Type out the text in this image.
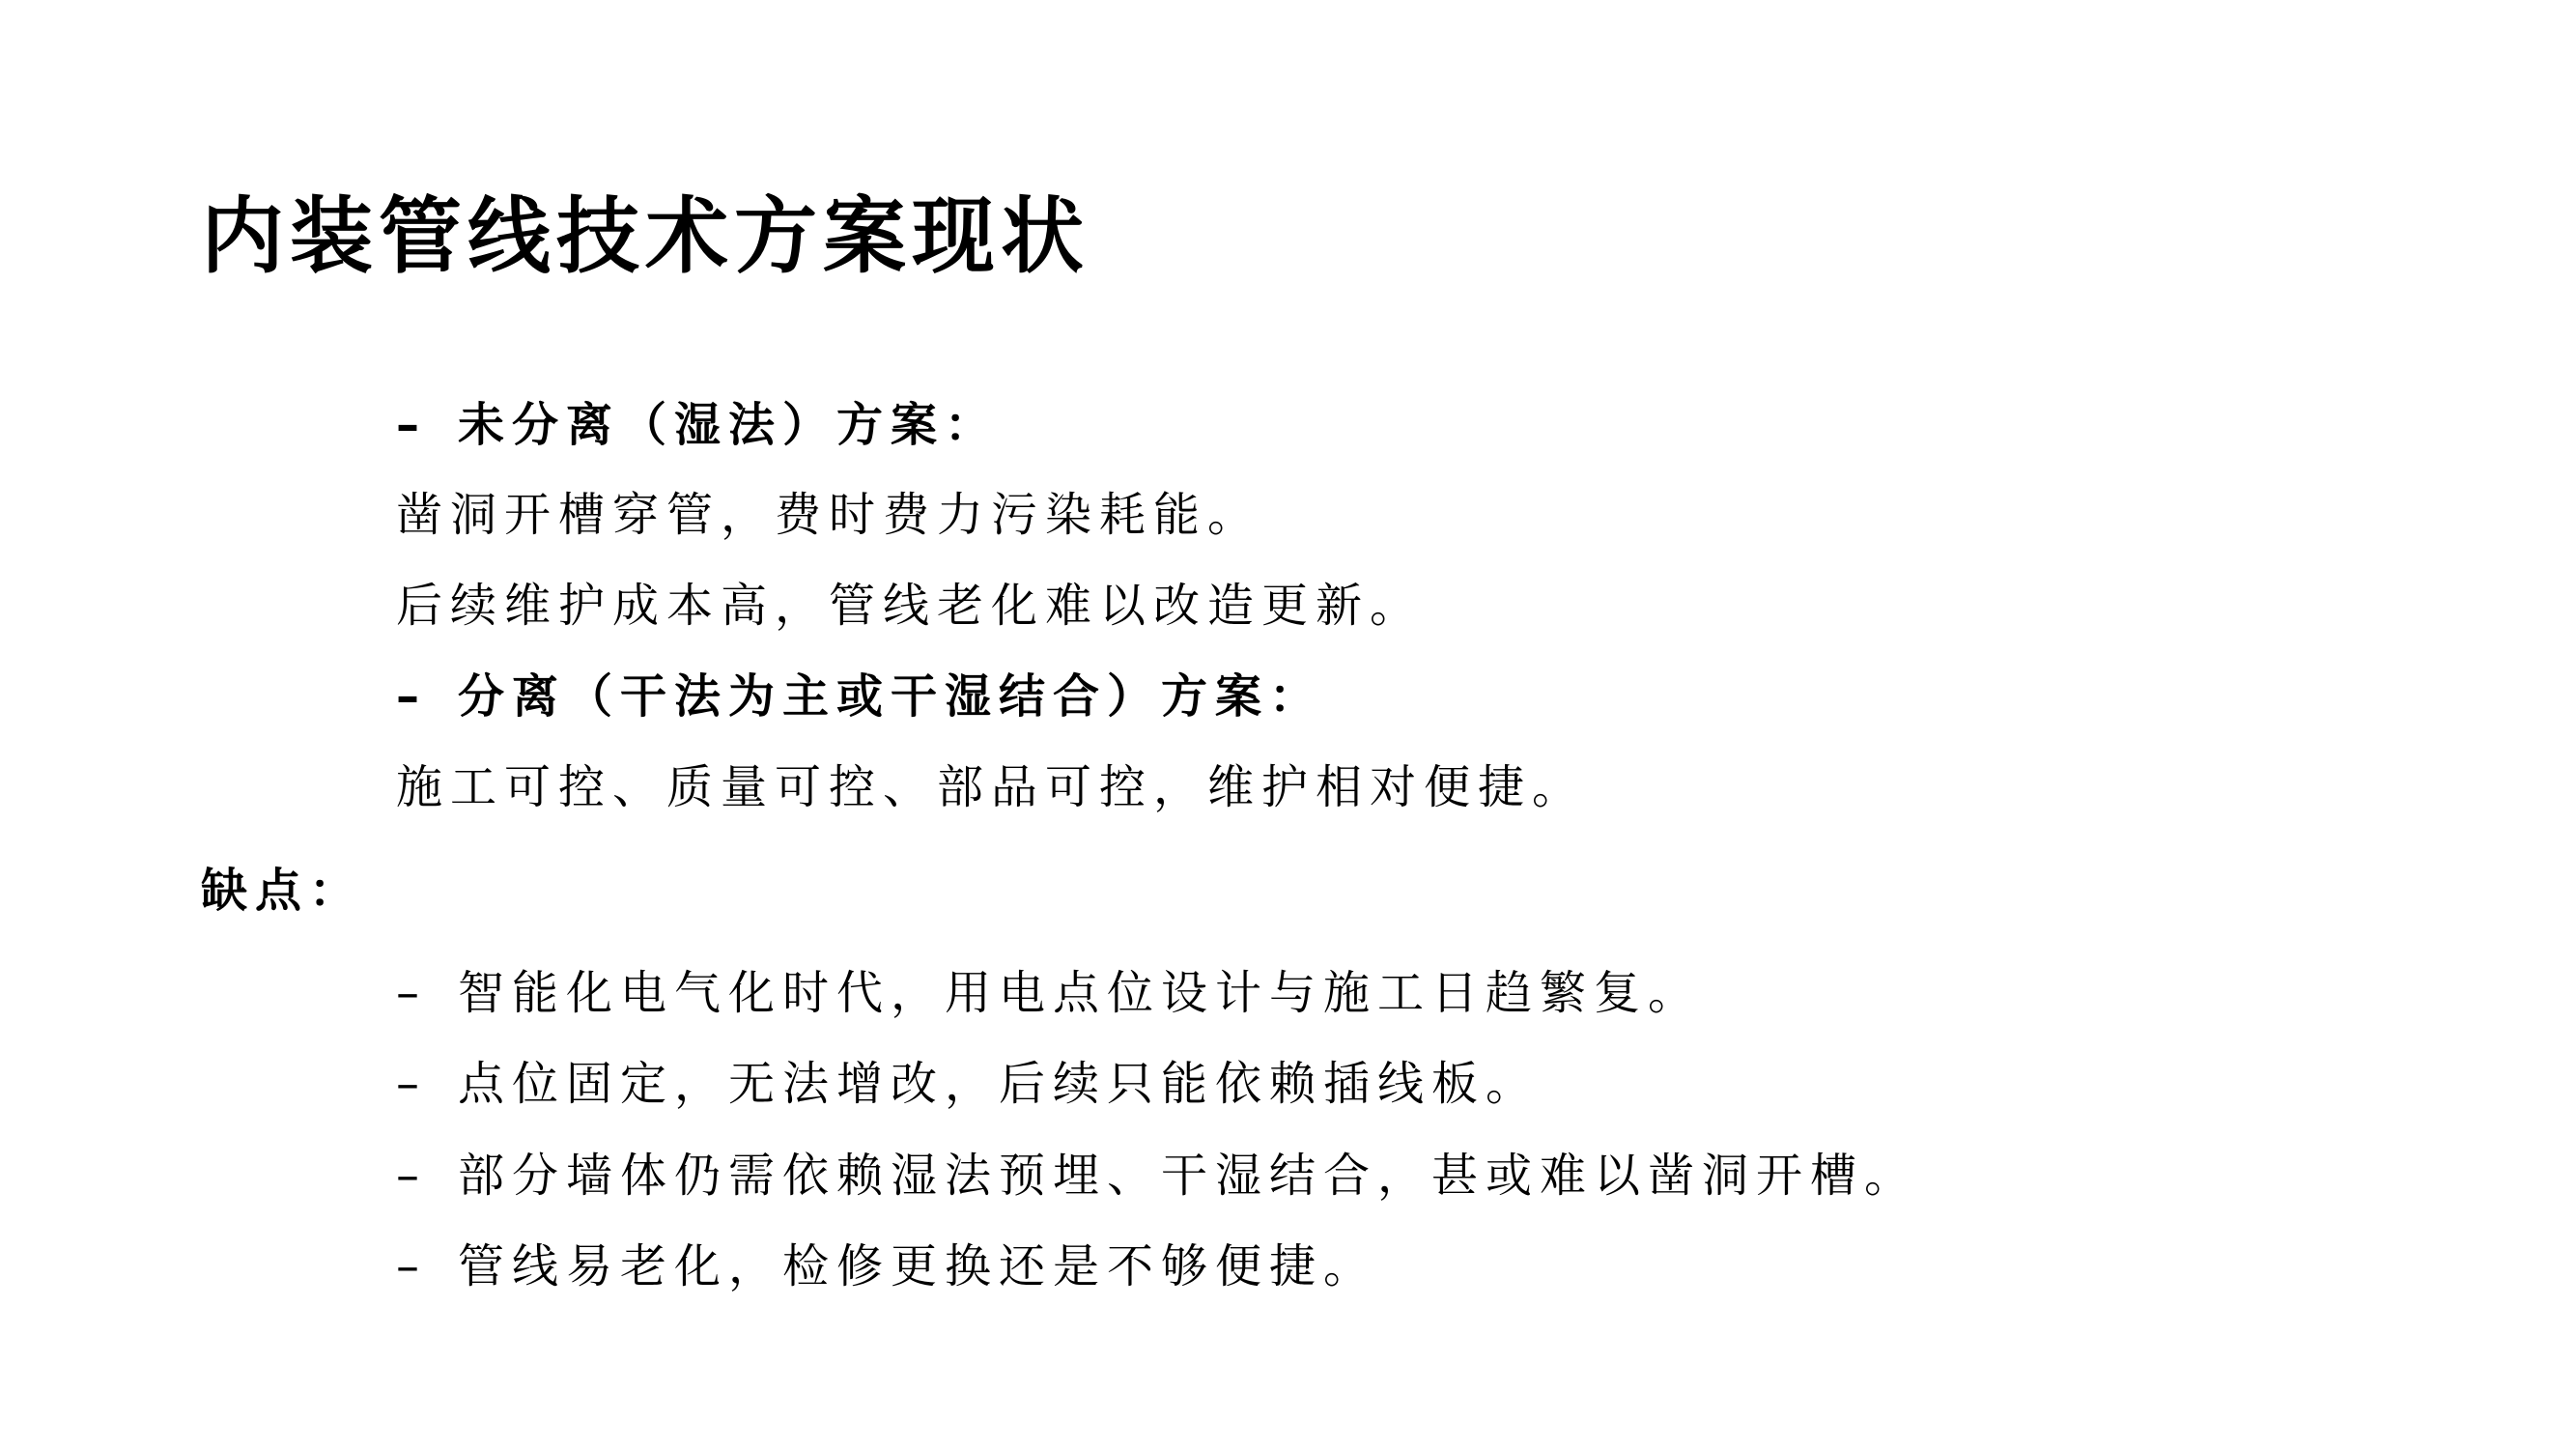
内装管线技术方案现状
– 未分离（湿法）方案：
凿洞开槽穿管，费时费力污染耗能。
后续维护成本高，管线老化难以改造更新。
– 分离（干法为主或干湿结合）方案：
施工可控、质量可控、部品可控，维护相对便捷。
缺点：
– 智能化电气化时代，用电点位设计与施工日趋繁复。
– 点位固定，无法增改，后续只能依赖插线板。
– 部分墙体仍需依赖湿法预埋、干湿结合，甚或难以凿洞开槽。
– 管线易老化，检修更换还是不够便捷。
